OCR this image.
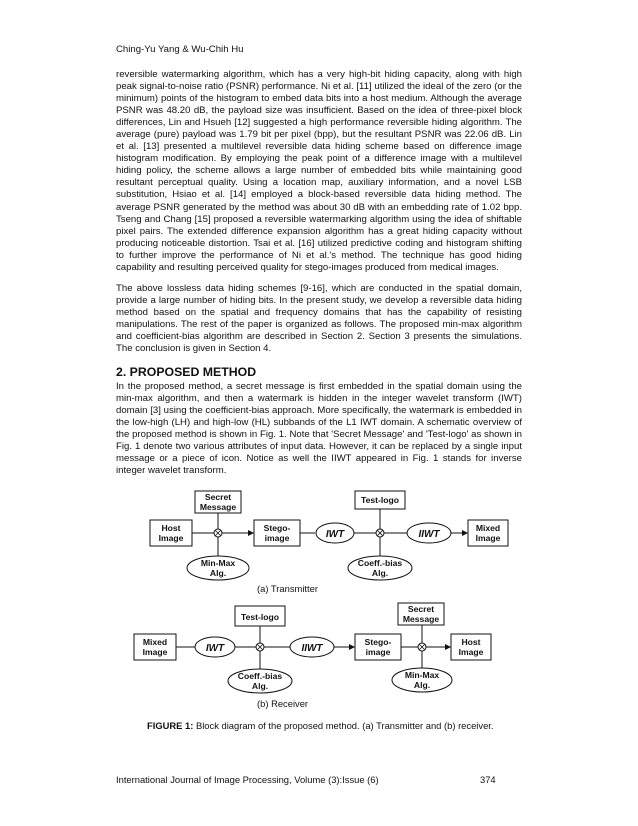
Ching-Yu Yang & Wu-Chih Hu

reversible watermarking algorithm, which has a very high-bit hiding capacity, along with high peak signal-to-noise ratio (PSNR) performance. Ni et al. [11] utilized the ideal of the zero (or the minimum) points of the histogram to embed data bits into a host medium. Although the average PSNR was 48.20 dB, the payload size was insufficient. Based on the idea of three-pixel block differences, Lin and Hsueh [12] suggested a high performance reversible hiding algorithm. The average (pure) payload was 1.79 bit per pixel (bpp), but the resultant PSNR was 22.06 dB. Lin et al. [13] presented a multilevel reversible data hiding scheme based on difference image histogram modification. By employing the peak point of a difference image with a multilevel hiding policy, the scheme allows a large number of embedded bits while maintaining good resultant perceptual quality. Using a location map, auxiliary information, and a novel LSB substitution, Hsiao et al. [14] employed a block-based reversible data hiding method. The average PSNR generated by the method was about 30 dB with an embedding rate of 1.02 bpp. Tseng and Chang [15] proposed a reversible watermarking algorithm using the idea of shiftable pixel pairs. The extended difference expansion algorithm has a great hiding capacity without producing noticeable distortion. Tsai et al. [16] utilized predictive coding and histogram shifting to further improve the performance of Ni et al.'s method. The technique has good hiding capability and resulting perceived quality for stego-images produced from medical images.

The above lossless data hiding schemes [9-16], which are conducted in the spatial domain, provide a large number of hiding bits. In the present study, we develop a reversible data hiding method based on the spatial and frequency domains that has the capability of resisting manipulations. The rest of the paper is organized as follows. The proposed min-max algorithm and coefficient-bias algorithm are described in Section 2. Section 3 presents the simulations. The conclusion is given in Section 4.

2. PROPOSED METHOD

In the proposed method, a secret message is first embedded in the spatial domain using the min-max algorithm, and then a watermark is hidden in the integer wavelet transform (IWT) domain [3] using the coefficient-bias approach. More specifically, the watermark is embedded in the low-high (LH) and high-low (HL) subbands of the L1 IWT domain. A schematic overview of the proposed method is shown in Fig. 1. Note that 'Secret Message' and 'Test-logo' as shown in Fig. 1 denote two various attributes of input data. However, it can be replaced by a single input message or a piece of icon. Notice as well the IIWT appeared in Fig. 1 stands for inverse integer wavelet transform.

Secret
Message
Host
Image
Stego-
image
Test-logo
Mixed
Image
Min-Max
Alg.
Coeff.-bias
Alg.
Test-logo
Secret
Message
Mixed
Image
Stego-
image
Host
Image
Coeff.-bias
Alg.
Min-Max
Alg.
IWT	IIWT
IWT	IIWT
(a) Transmitter
(b) Receiver
FIGURE 1: Block diagram of the proposed method. (a) Transmitter and (b) receiver.
International Journal of Image Processing, Volume (3):Issue (6)	374
